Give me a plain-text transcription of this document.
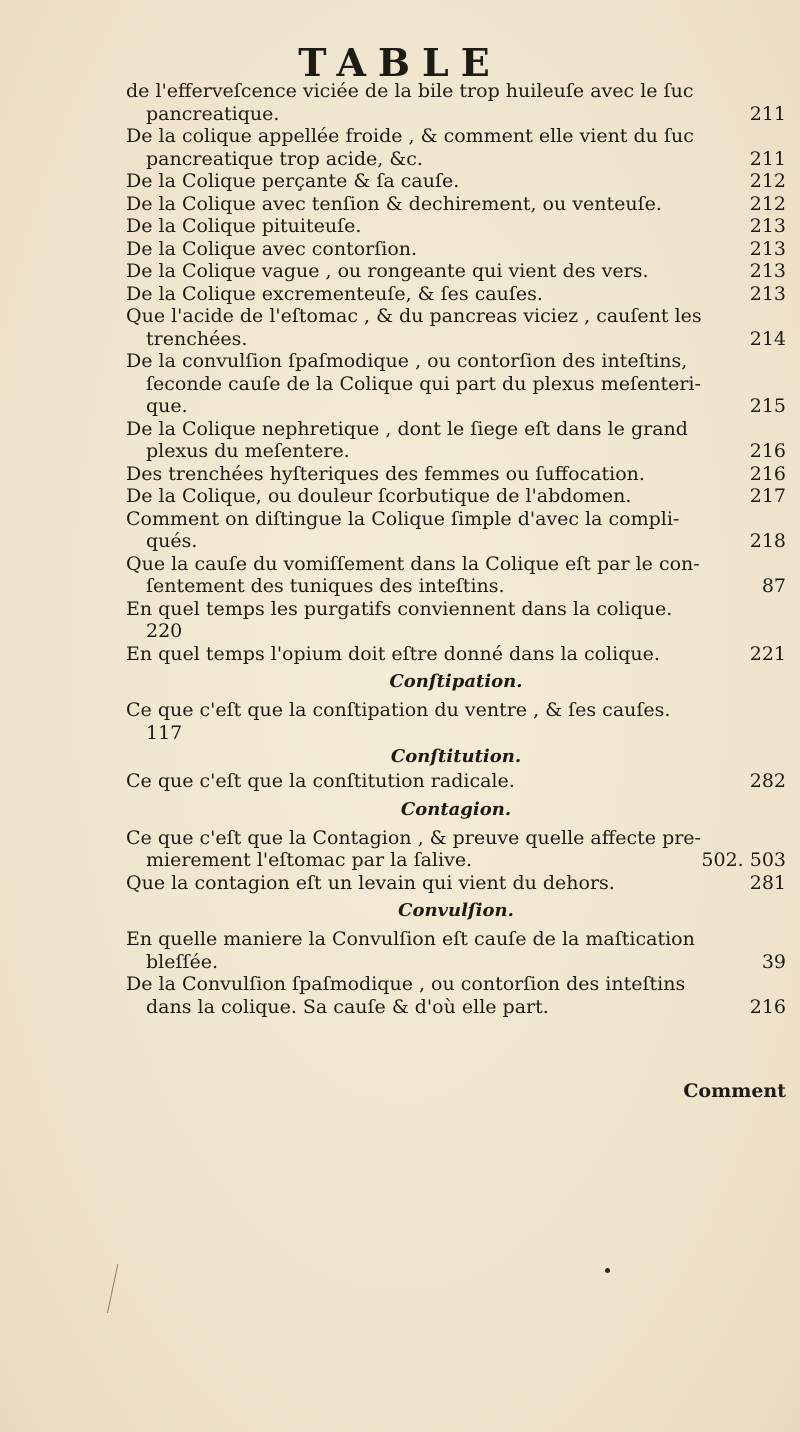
TABLE
de l'efferveſcence viciée de la bile trop huileuſe avec le ſuc
pancreatique.	211
De la colique appellée froide , & comment elle vient du ſuc
pancreatique trop acide, &c.	211
De la Colique perçante & ſa cauſe.	212
De la Colique avec tenſion & dechirement, ou venteuſe.	212
De la Colique pituiteuſe.	213
De la Colique avec contorſion.	213
De la Colique vague , ou rongeante qui vient des vers.	213
De la Colique excrementeuſe, & ſes cauſes.	213
Que l'acide de l'eſtomac , & du pancreas viciez , cauſent les
trenchées.	214
De la convulſion ſpaſmodique , ou contorſion des inteſtins,
ſeconde cauſe de la Colique qui part du plexus meſenteri-
que.	215
De la Colique nephretique , dont le ſiege eſt dans le grand
plexus du meſentere.	216
Des trenchées hyſteriques des femmes ou ſuffocation.	216
De la Colique, ou douleur ſcorbutique de l'abdomen.	217
Comment on diſtingue la Colique ſimple d'avec la compli-
qués.	218
Que la cauſe du vomiſſement dans la Colique eſt par le con-
ſentement des tuniques des inteſtins.	87
En quel temps les purgatifs conviennent dans la colique.
220
En quel temps l'opium doit eſtre donné dans la colique.	221
Conſtipation.
Ce que c'eſt que la conſtipation du ventre , & ſes cauſes.
117
Conſtitution.
Ce que c'eſt que la conſtitution radicale.	282
Contagion.
Ce que c'eſt que la Contagion , & preuve quelle affecte pre-
mierement l'eſtomac par la ſalive.	502. 503
Que la contagion eſt un levain qui vient du dehors.	281
Convulſion.
En quelle maniere la Convulſion eſt cauſe de la maſtication
bleſſée.	39
De la Convulſion ſpaſmodique , ou contorſion des inteſtins
dans la colique. Sa cauſe & d'où elle part.	216
Comment
